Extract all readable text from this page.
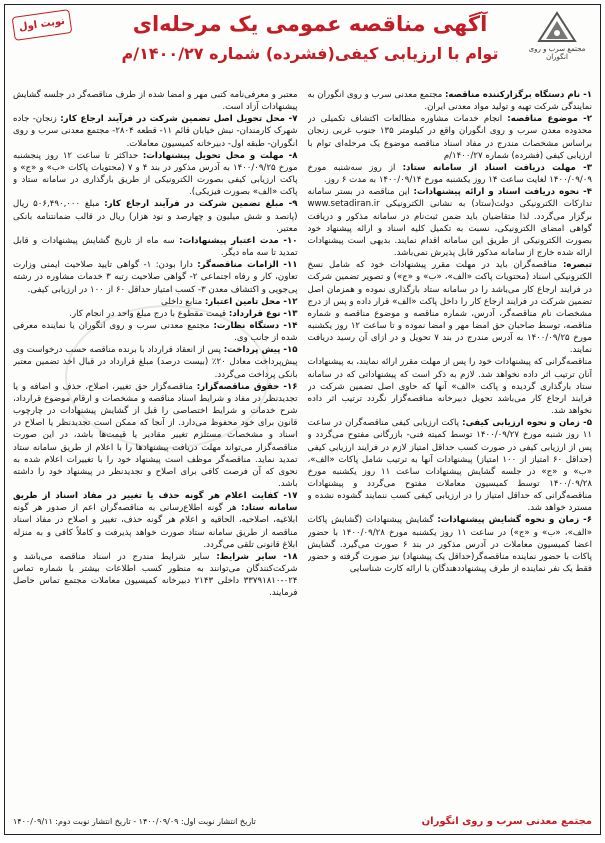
مجتمع سرب و روی انگوران
آگهی مناقصه عمومی یک مرحله‌ای
توام با ارزیابی کیفی(فشرده) شماره ۱۴۰۰/۲۷/م
نوبت اول

۱- نام دستگاه برگزارکننده مناقصه: مجتمع معدنی سرب و روی انگوران به نمایندگی شرکت تهیه و تولید مواد معدنی ایران.

۲- موضوع مناقصه: انجام خدمات مشاوره مطالعات اکتشاف تکمیلی در محدوده معدن سرب و روی انگوران واقع در کیلومتر ۱۳۵ جنوب غربی زنجان براساس مشخصات مندرج در مفاد اسناد مناقصه موضوع یک مرحله‌ای توام با ارزیابی کیفی (فشرده) شماره ۱۴۰۰/۲۷/م

۳- مهلت دریافت اسناد از سامانه ستاد: از روز سه‌شنبه مورخ ۱۴۰۰/۰۹/۰۹ لغایت ساعت ۱۴ روز یکشنبه مورخ ۱۴۰۰/۰۹/۱۴ به مدت ۶ روز.

۴- نحوه دریافت اسناد و ارائه پیشنهادات: این مناقصه در بستر سامانه تدارکات الکترونیکی دولت(ستاد) به نشانی الکترونیکی www.setadiran.ir برگزار می‌گردد. لذا متقاضیان باید ضمن ثبت‌نام در سامانه مذکور و دریافت گواهی امضای الکترونیکی، نسبت به تکمیل کلیه اسناد و ارائه پیشنهاد خود بصورت الکترونیکی از طریق این سامانه اقدام نمایند. بدیهی است پیشنهادات ارائه شده خارج از سامانه مذکور قابل پذیرش نمی‌باشد.

تبصره: مناقصه‌گران باید در مهلت مقرر پیشنهادات خود که شامل نسخ الکترونیکی اسناد (محتویات پاکت «الف»، «ب» و «ج») و تصویر تضمین شرکت در فرایند ارجاع کار می‌باشد را در سامانه ستاد بارگذاری نموده و همزمان اصل تضمین شرکت در فرایند ارجاع کار را داخل پاکت «الف» قرار داده و پس از درج مشخصات نام مناقصه‌گر، آدرس، شماره مناقصه و موضوع مناقصه و شماره مناقصه، توسط صاحبان حق امضا مهر و امضا نموده و تا ساعت ۱۲ روز یکشنبه مورخ ۱۴۰۰/۰۹/۲۵ به آدرس مندرج در بند ۷ تحویل و در ازای آن رسید دریافت نمایند.

مناقصه‌گرانی که پیشنهادات خود را پس از مهلت مقرر ارائه نمایند، به پیشنهادات آنان ترتیب اثر داده نخواهد شد. لازم به ذکر است که پیشنهاداتی که در سامانه ستاد بارگذاری گردیده و پاکت «الف» آنها که حاوی اصل تضمین شرکت در فرایند ارجاع کار می‌باشد تحویل دبیرخانه مناقصه‌گزار نگردد ترتیب اثر داده نخواهد شد.

۵- زمان و نحوه ارزیابی کیفی: پاکت ارزیابی کیفی مناقصه‌گران در ساعت ۱۱ روز شنبه مورخ ۱۴۰۰/۰۹/۲۷ توسط کمیته فنی- بازرگانی مفتوح می‌گردد و پس از ارزیابی کیفی در صورت کسب حداقل امتیاز لازم در فرایند ارزیابی کیفی (حداقل ۶۰ امتیاز از ۱۰۰ امتیاز) پیشنهادات آنها به ترتیب شامل پاکات «الف»، «ب» و «ج» در جلسه گشایش پیشنهادات ساعت ۱۱ روز یکشنبه مورخ ۱۴۰۰/۰۹/۲۸ توسط کمیسیون معاملات مفتوح می‌گردد و پیشنهادات مناقصه‌گرانی که حداقل امتیاز را در ارزیابی کیفی کسب ننمایند گشوده نشده و مسترد خواهد شد.

۶- زمان و نحوه گشایش پیشنهادات: گشایش پیشنهادات (گشایش پاکات «الف»، «ب» و «ج») در ساعت ۱۱ روز یکشنبه مورخ ۱۴۰۰/۰۹/۲۸ با حضور اعضا کمیسیون معاملات در آدرس مذکور در بند ۶ صورت می‌گیرد. گشایش پاکات با حضور نماینده مناقصه‌گر(حداقل یک پیشنهاد) نیز صورت گرفته و حضور فقط یک نفر نماینده از طرف پیشنهاددهندگان با ارائه کارت شناسایی

معتبر و معرفی‌نامه کتبی مهر و امضا شده از طرف مناقصه‌گر در جلسه گشایش پیشنهادات آزاد است.

۷- محل تحویل اصل تضمین شرکت در فرآیند ارجاع کار: زنجان- جاده شهرک کارمندان- نبش خیابان قائم ۱۱- قطعه ۲۸۰۴- مجتمع معدنی سرب و روی انگوران- طبقه اول- دبیرخانه کمیسیون معاملات.

۸- مهلت و محل تحویل پیشنهادات: حداکثر تا ساعت ۱۲ روز پنجشنبه مورخ ۱۴۰۰/۰۹/۲۵ به آدرس مذکور در بند ۴ و ۷ (محتویات پاکات «ب» و «ج» و پاکت ارزیابی کیفی بصورت الکترونیکی از طریق بارگذاری در سامانه ستاد و پاکت «الف» بصورت فیزیکی).

۹- مبلغ تضمین شرکت در فرآیند ارجاع کار: مبلغ ۵۰۶,۴۹۰,۰۰۰ ریال (پانصد و شش میلیون و چهارصد و نود هزار) ریال در قالب ضمانتنامه بانکی معتبر.

۱۰- مدت اعتبار پیشنهادات: سه ماه از تاریخ گشایش پیشنهادات و قابل تمدید تا سه ماه دیگر.

۱۱- الزامات مناقصه‌گر: دارا بودن: ۱- گواهی تایید صلاحیت ایمنی وزارت تعاون، کار و رفاه اجتماعی ۲- گواهی صلاحیت رتبه ۳ خدمات مشاوره در رشته پی‌جویی و اکتشاف معدن ۳- کسب امتیاز حداقل ۶۰ از ۱۰۰ در ارزیابی کیفی.

۱۲- محل تامین اعتبار: منابع داخلی

۱۳- نوع قرارداد: قیمت مقطوع با درج مبلغ واحد در انجام کار.

۱۴- دستگاه نظارت: مجتمع معدنی سرب و روی انگوران یا نماینده معرفی شده از جانب وی.

۱۵- پیش پرداخت: پس از انعقاد قرارداد با برنده مناقصه حسب درخواست وی پیش‌پرداخت معادل ۲۰٪ (بیست درصد) مبلغ قرارداد در قبال اخذ تضمین معتبر بانکی پرداخت می‌گردد.

۱۶- حقوق مناقصه‌گزار: مناقصه‌گزار حق تغییر، اصلاح، حذف و اضافه و یا تجدیدنظر در مفاد و شرایط اسناد مناقصه و مشخصات و ارقام موضوع قرارداد، شرح خدمات و شرایط اختصاصی را قبل از گشایش پیشنهادات در چارچوب قانون برای خود محفوظ می‌دارد. از آنجا که ممکن است تجدیدنظر یا اصلاح در اسناد و مشخصات مستلزم تغییر مقادیر یا قیمت‌ها باشد، در این صورت مناقصه‌گزار می‌تواند مهلت دریافت پیشنهادها را با اعلام از طریق سامانه ستاد تمدید نماید. مناقصه‌گر موظف است پیشنهاد خود را با تغییرات اعلام شده به نحوی که آن فرصت کافی برای اصلاح و تجدیدنظر در پیشنهاد خود را داشته باشد.

۱۷- کفایت اعلام هر گونه حذف یا تغییر در مفاد اسناد از طریق سامانه ستاد: هر گونه اطلاع‌رسانی به مناقصه‌گران اعم از صدور هر گونه ابلاغیه، اصلاحیه، الحاقیه و اعلام هر گونه حذف، تغییر و اصلاح در مفاد اسناد مناقصه از طریق سامانه ستاد صورت خواهد پذیرفت و کاملاً کافی و به منزله ابلاغ قانونی تلقی می‌گردد.

۱۸- سایر شرایط: سایر شرایط مندرج در اسناد مناقصه می‌باشد و شرکت‌کنندگان می‌توانند به منظور کسب اطلاعات بیشتر با شماره تماس ۰۲۴-۳۳۷۹۱۸۱۰ داخلی ۲۱۴۳ دبیرخانه کمیسیون معاملات مجتمع تماس حاصل فرمایند.

مجتمع معدنی سرب و روی انگوران
تاریخ انتشار نوبت اول: ۱۴۰۰/۰۹/۰۹ - تاریخ انتشار نوبت دوم: ۱۴۰۰/۰۹/۱۱
